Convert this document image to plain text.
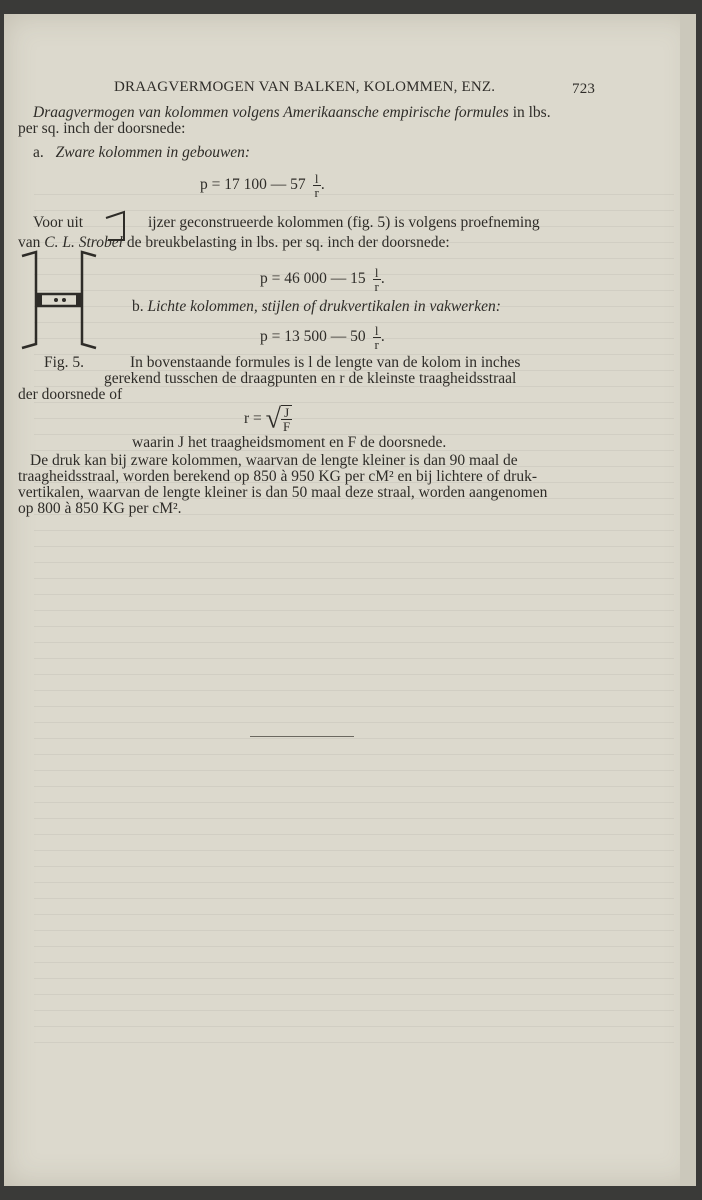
DRAAGVERMOGEN VAN BALKEN, KOLOMMEN, ENZ.	723
Draagvermogen van kolommen volgens Amerikaansche empirische formules in lbs.
per sq. inch der doorsnede:
a. Zware kolommen in gebouwen:
p = 17 100 — $57 \frac{l}{r}$ .
Voor uit	ijzer geconstrueerde kolommen (fig. 5) is volgens proefneming
van C. L. Strobel de breukbelasting in lbs. per sq. inch der doorsnede:
p = 46 000 — $15 \frac{l}{r}$ .
b. Lichte kolommen, stijlen of drukvertikalen in vakwerken:
p = 13 500 — $50 \frac{l}{r}$ .
Fig. 5.	In bovenstaande formules is l de lengte van de kolom in inches
gerekend tusschen de draagpunten en r de kleinste traagheidsstraal
der doorsnede of
r = √ $\frac{J}{F}$
waarin J het traagheidsmoment en F de doorsnede.
De druk kan bij zware kolommen, waarvan de lengte kleiner is dan 90 maal de
traagheidsstraal, worden berekend op 850 à 950 KG per cM² en bij lichtere of druk-
vertikalen, waarvan de lengte kleiner is dan 50 maal deze straal, worden aangenomen
op 800 à 850 KG per cM².
